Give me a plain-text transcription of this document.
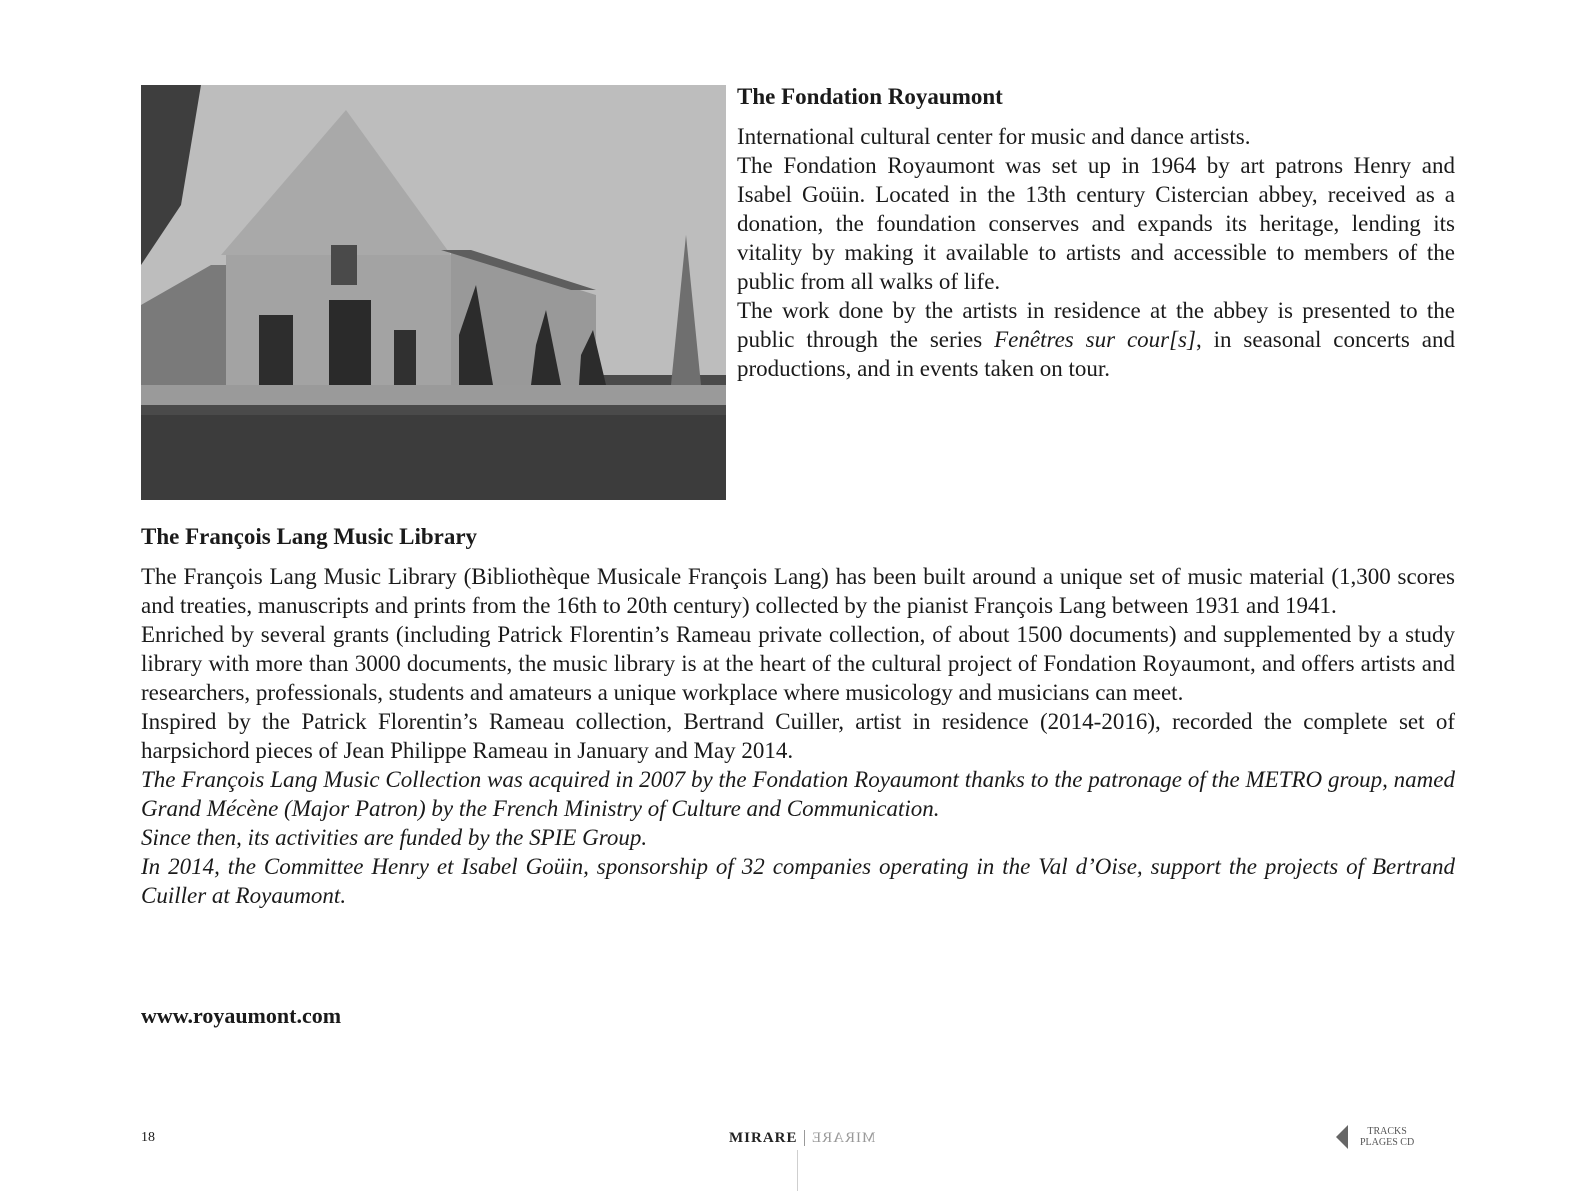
The Fondation Royaumont

International cultural center for music and dance artists.

The Fondation Royaumont was set up in 1964 by art patrons Henry and Isabel Goüin. Located in the 13th century Cistercian abbey, received as a donation, the foundation conserves and expands its heritage, lending its vitality by making it available to artists and accessible to members of the public from all walks of life.

The work done by the artists in residence at the abbey is presented to the public through the series Fenêtres sur cour[s], in seasonal concerts and productions, and in events taken on tour.

The François Lang Music Library

The François Lang Music Library (Bibliothèque Musicale François Lang) has been built around a unique set of music material (1,300 scores and treaties, manuscripts and prints from the 16th to 20th century) collected by the pianist François Lang between 1931 and 1941.

Enriched by several grants (including Patrick Florentin’s Rameau private collection, of about 1500 documents) and supplemented by a study library with more than 3000 documents, the music library is at the heart of the cultural project of Fondation Royaumont, and offers artists and researchers, professionals, students and amateurs a unique workplace where musicology and musicians can meet.

Inspired by the Patrick Florentin’s Rameau collection, Bertrand Cuiller, artist in residence (2014-2016), recorded the complete set of harpsichord pieces of Jean Philippe Rameau in January and May 2014.

The François Lang Music Collection was acquired in 2007 by the Fondation Royaumont thanks to the patronage of the METRO group, named Grand Mécène (Major Patron) by the French Ministry of Culture and Communication.

Since then, its activities are funded by the SPIE Group.

In 2014, the Committee Henry et Isabel Goüin, sponsorship of 32 companies operating in the Val d’Oise, support the projects of Bertrand Cuiller at Royaumont.

www.royaumont.com

18	MIRARE MIRARE	TRACKS
PLAGES CD
